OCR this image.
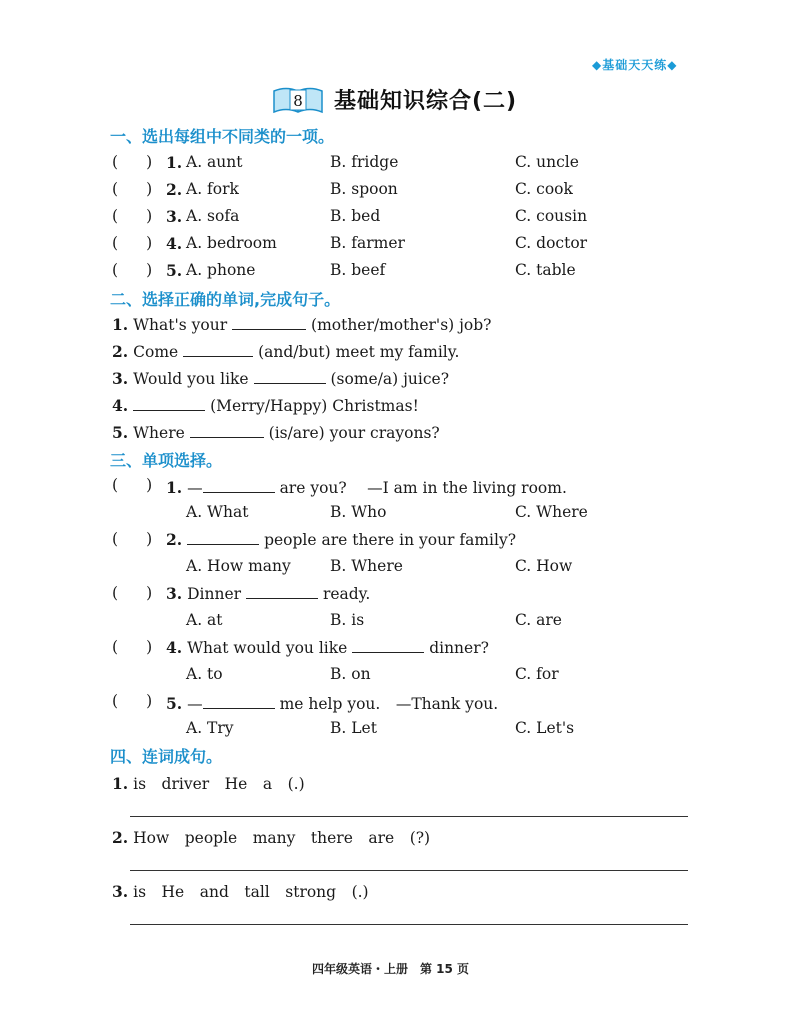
◆基础天天练◆
8 基础知识综合(二)
一、选出每组中不同类的一项。
( ) 1. A. aunt	B. fridge	C. uncle
( ) 2. A. fork	B. spoon	C. cook
( ) 3. A. sofa	B. bed	C. cousin
( ) 4. A. bedroom	B. farmer	C. doctor
( ) 5. A. phone	B. beef	C. table
二、选择正确的单词,完成句子。
1. What's your	(mother/mother's) job?
2. Come	(and/but) meet my family.
3. Would you like	(some/a) juice?
4.	(Merry/Happy) Christmas!
5. Where	(is/are) your crayons?
三、单项选择。
( ) 1. —	are you?　 —I am in the living room.
A. What	B. Who	C. Where
( ) 2.	people are there in your family?
A. How many	B. Where	C. How
( ) 3. Dinner	ready.
A. at	B. is	C. are
( ) 4. What would you like	dinner?
A. to	B. on	C. for
( ) 5. —	me help you.　—Thank you.
A. Try	B. Let	C. Let's
四、连词成句。
1. is　driver　He　a　(.)
2. How　people　many　there　are　(?)
3. is　He　and　tall　strong　(.)
四年级英语・上册　第 15 页
